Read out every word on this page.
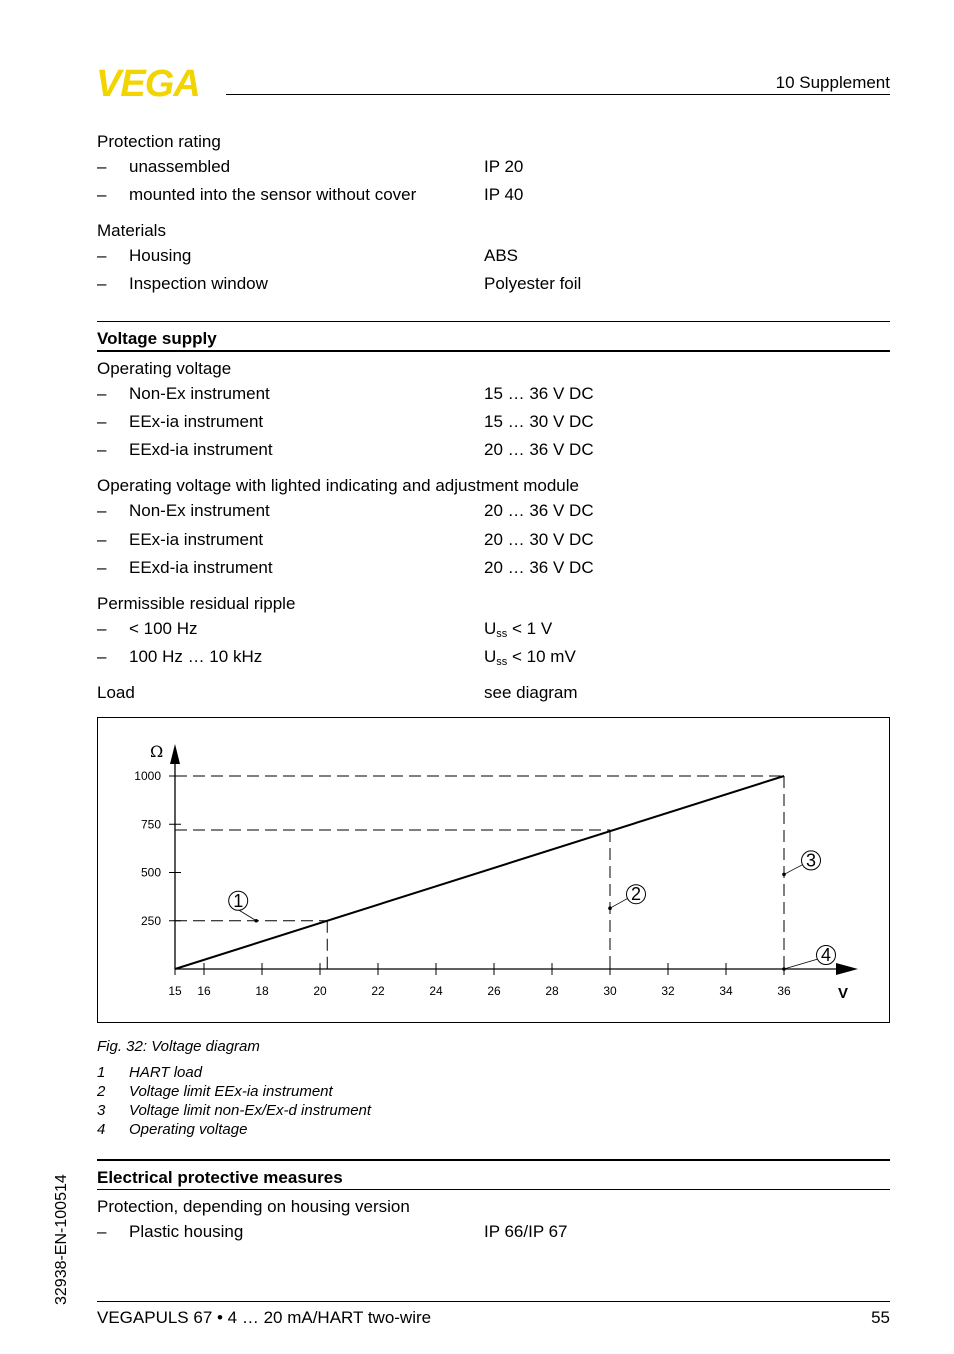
VEGA	10 Supplement
Protection rating
– unassembled	IP 20
– mounted into the sensor without cover	IP 40
Materials
– Housing	ABS
– Inspection window	Polyester foil
Voltage supply
Operating voltage
– Non-Ex instrument	15 … 36 V DC
– EEx-ia instrument	15 … 30 V DC
– EExd-ia instrument	20 … 36 V DC
Operating voltage with lighted indicating and adjustment module
– Non-Ex instrument	20 … 36 V DC
– EEx-ia instrument	20 … 30 V DC
– EExd-ia instrument	20 … 36 V DC
Permissible residual ripple
– < 100 Hz	$U_{ss} < 1$ V
– 100 Hz … 10 kHz	$U_{ss} < 10$ mV
Load	see diagram
Ω
V
250
500
750
1000
15 16	18	20	22	24	26	28	30	32	34	36
1	2
3
4
Fig. 32: Voltage diagram
1 HART load
2 Voltage limit EEx-ia instrument
3 Voltage limit non-Ex/Ex-d instrument
4 Operating voltage
Electrical protective measures
Protection, depending on housing version
– Plastic housing	IP 66/IP 67
32938-EN-100514
VEGAPULS 67 • 4 … 20 mA/HART two-wire	55
